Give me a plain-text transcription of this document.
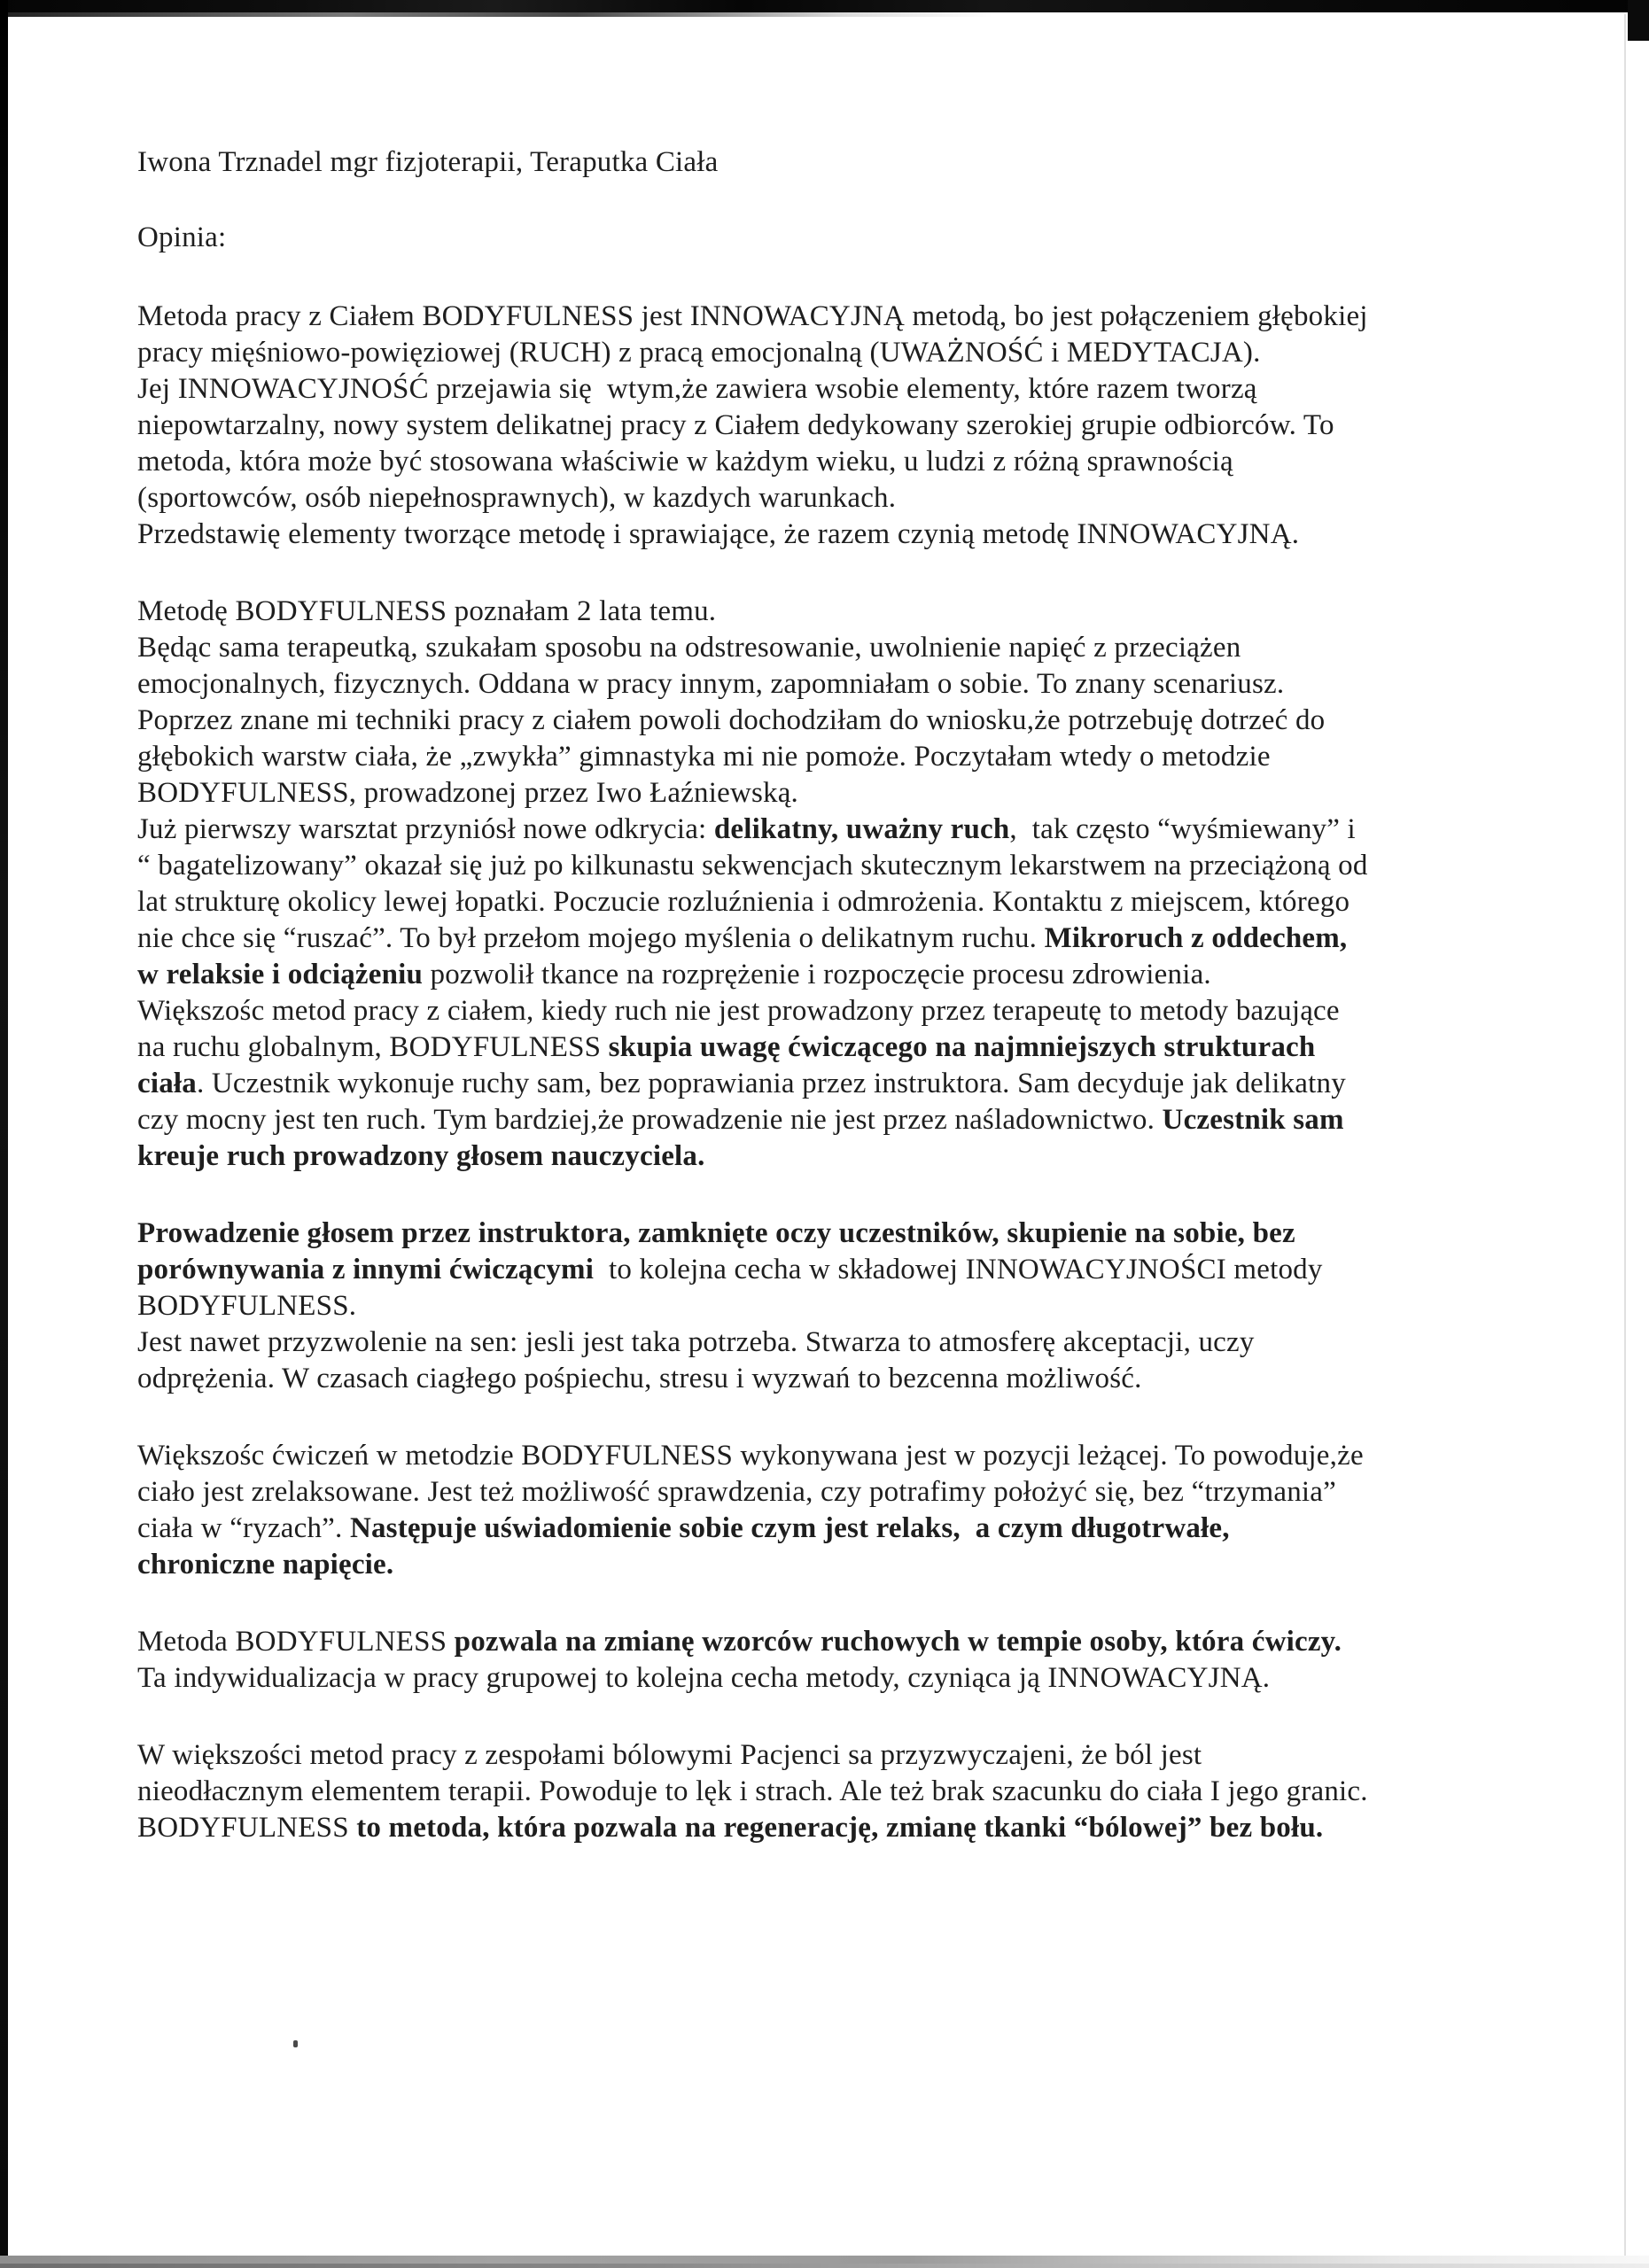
Iwona Trznadel mgr fizjoterapii, Teraputka Ciała

Opinia:

Metoda pracy z Ciałem BODYFULNESS jest INNOWACYJNĄ metodą, bo jest połączeniem głębokiej
pracy mięśniowo-powięziowej (RUCH) z pracą emocjonalną (UWAŻNOŚĆ i MEDYTACJA).
Jej INNOWACYJNOŚĆ przejawia się  wtym,że zawiera wsobie elementy, które razem tworzą
niepowtarzalny, nowy system delikatnej pracy z Ciałem dedykowany szerokiej grupie odbiorców. To
metoda, która może być stosowana właściwie w każdym wieku, u ludzi z różną sprawnością
(sportowców, osób niepełnosprawnych), w kazdych warunkach.
Przedstawię elementy tworzące metodę i sprawiające, że razem czynią metodę INNOWACYJNĄ.

Metodę BODYFULNESS poznałam 2 lata temu.
Będąc sama terapeutką, szukałam sposobu na odstresowanie, uwolnienie napięć z przeciążen
emocjonalnych, fizycznych. Oddana w pracy innym, zapomniałam o sobie. To znany scenariusz.
Poprzez znane mi techniki pracy z ciałem powoli dochodziłam do wniosku,że potrzebuję dotrzeć do
głębokich warstw ciała, że „zwykła” gimnastyka mi nie pomoże. Poczytałam wtedy o metodzie
BODYFULNESS, prowadzonej przez Iwo Łaźniewską.
Już pierwszy warsztat przyniósł nowe odkrycia: delikatny, uważny ruch,  tak często “wyśmiewany” i
“ bagatelizowany” okazał się już po kilkunastu sekwencjach skutecznym lekarstwem na przeciążoną od
lat strukturę okolicy lewej łopatki. Poczucie rozluźnienia i odmrożenia. Kontaktu z miejscem, którego
nie chce się “ruszać”. To był przełom mojego myślenia o delikatnym ruchu. Mikroruch z oddechem,
w relaksie i odciążeniu pozwolił tkance na rozprężenie i rozpoczęcie procesu zdrowienia.
Większośc metod pracy z ciałem, kiedy ruch nie jest prowadzony przez terapeutę to metody bazujące
na ruchu globalnym, BODYFULNESS skupia uwagę ćwiczącego na najmniejszych strukturach
ciała. Uczestnik wykonuje ruchy sam, bez poprawiania przez instruktora. Sam decyduje jak delikatny
czy mocny jest ten ruch. Tym bardziej,że prowadzenie nie jest przez naśladownictwo. Uczestnik sam
kreuje ruch prowadzony głosem nauczyciela.

Prowadzenie głosem przez instruktora, zamknięte oczy uczestników, skupienie na sobie, bez
porównywania z innymi ćwiczącymi  to kolejna cecha w składowej INNOWACYJNOŚCI metody
BODYFULNESS.
Jest nawet przyzwolenie na sen: jesli jest taka potrzeba. Stwarza to atmosferę akceptacji, uczy
odprężenia. W czasach ciagłego pośpiechu, stresu i wyzwań to bezcenna możliwość.

Większośc ćwiczeń w metodzie BODYFULNESS wykonywana jest w pozycji leżącej. To powoduje,że
ciało jest zrelaksowane. Jest też możliwość sprawdzenia, czy potrafimy położyć się, bez “trzymania”
ciała w “ryzach”. Następuje uświadomienie sobie czym jest relaks,  a czym długotrwałe,
chroniczne napięcie.

Metoda BODYFULNESS pozwala na zmianę wzorców ruchowych w tempie osoby, która ćwiczy.
Ta indywidualizacja w pracy grupowej to kolejna cecha metody, czyniąca ją INNOWACYJNĄ.

W większości metod pracy z zespołami bólowymi Pacjenci sa przyzwyczajeni, że ból jest
nieodłacznym elementem terapii. Powoduje to lęk i strach. Ale też brak szacunku do ciała I jego granic.
BODYFULNESS to metoda, która pozwala na regenerację, zmianę tkanki “bólowej” bez bołu.
